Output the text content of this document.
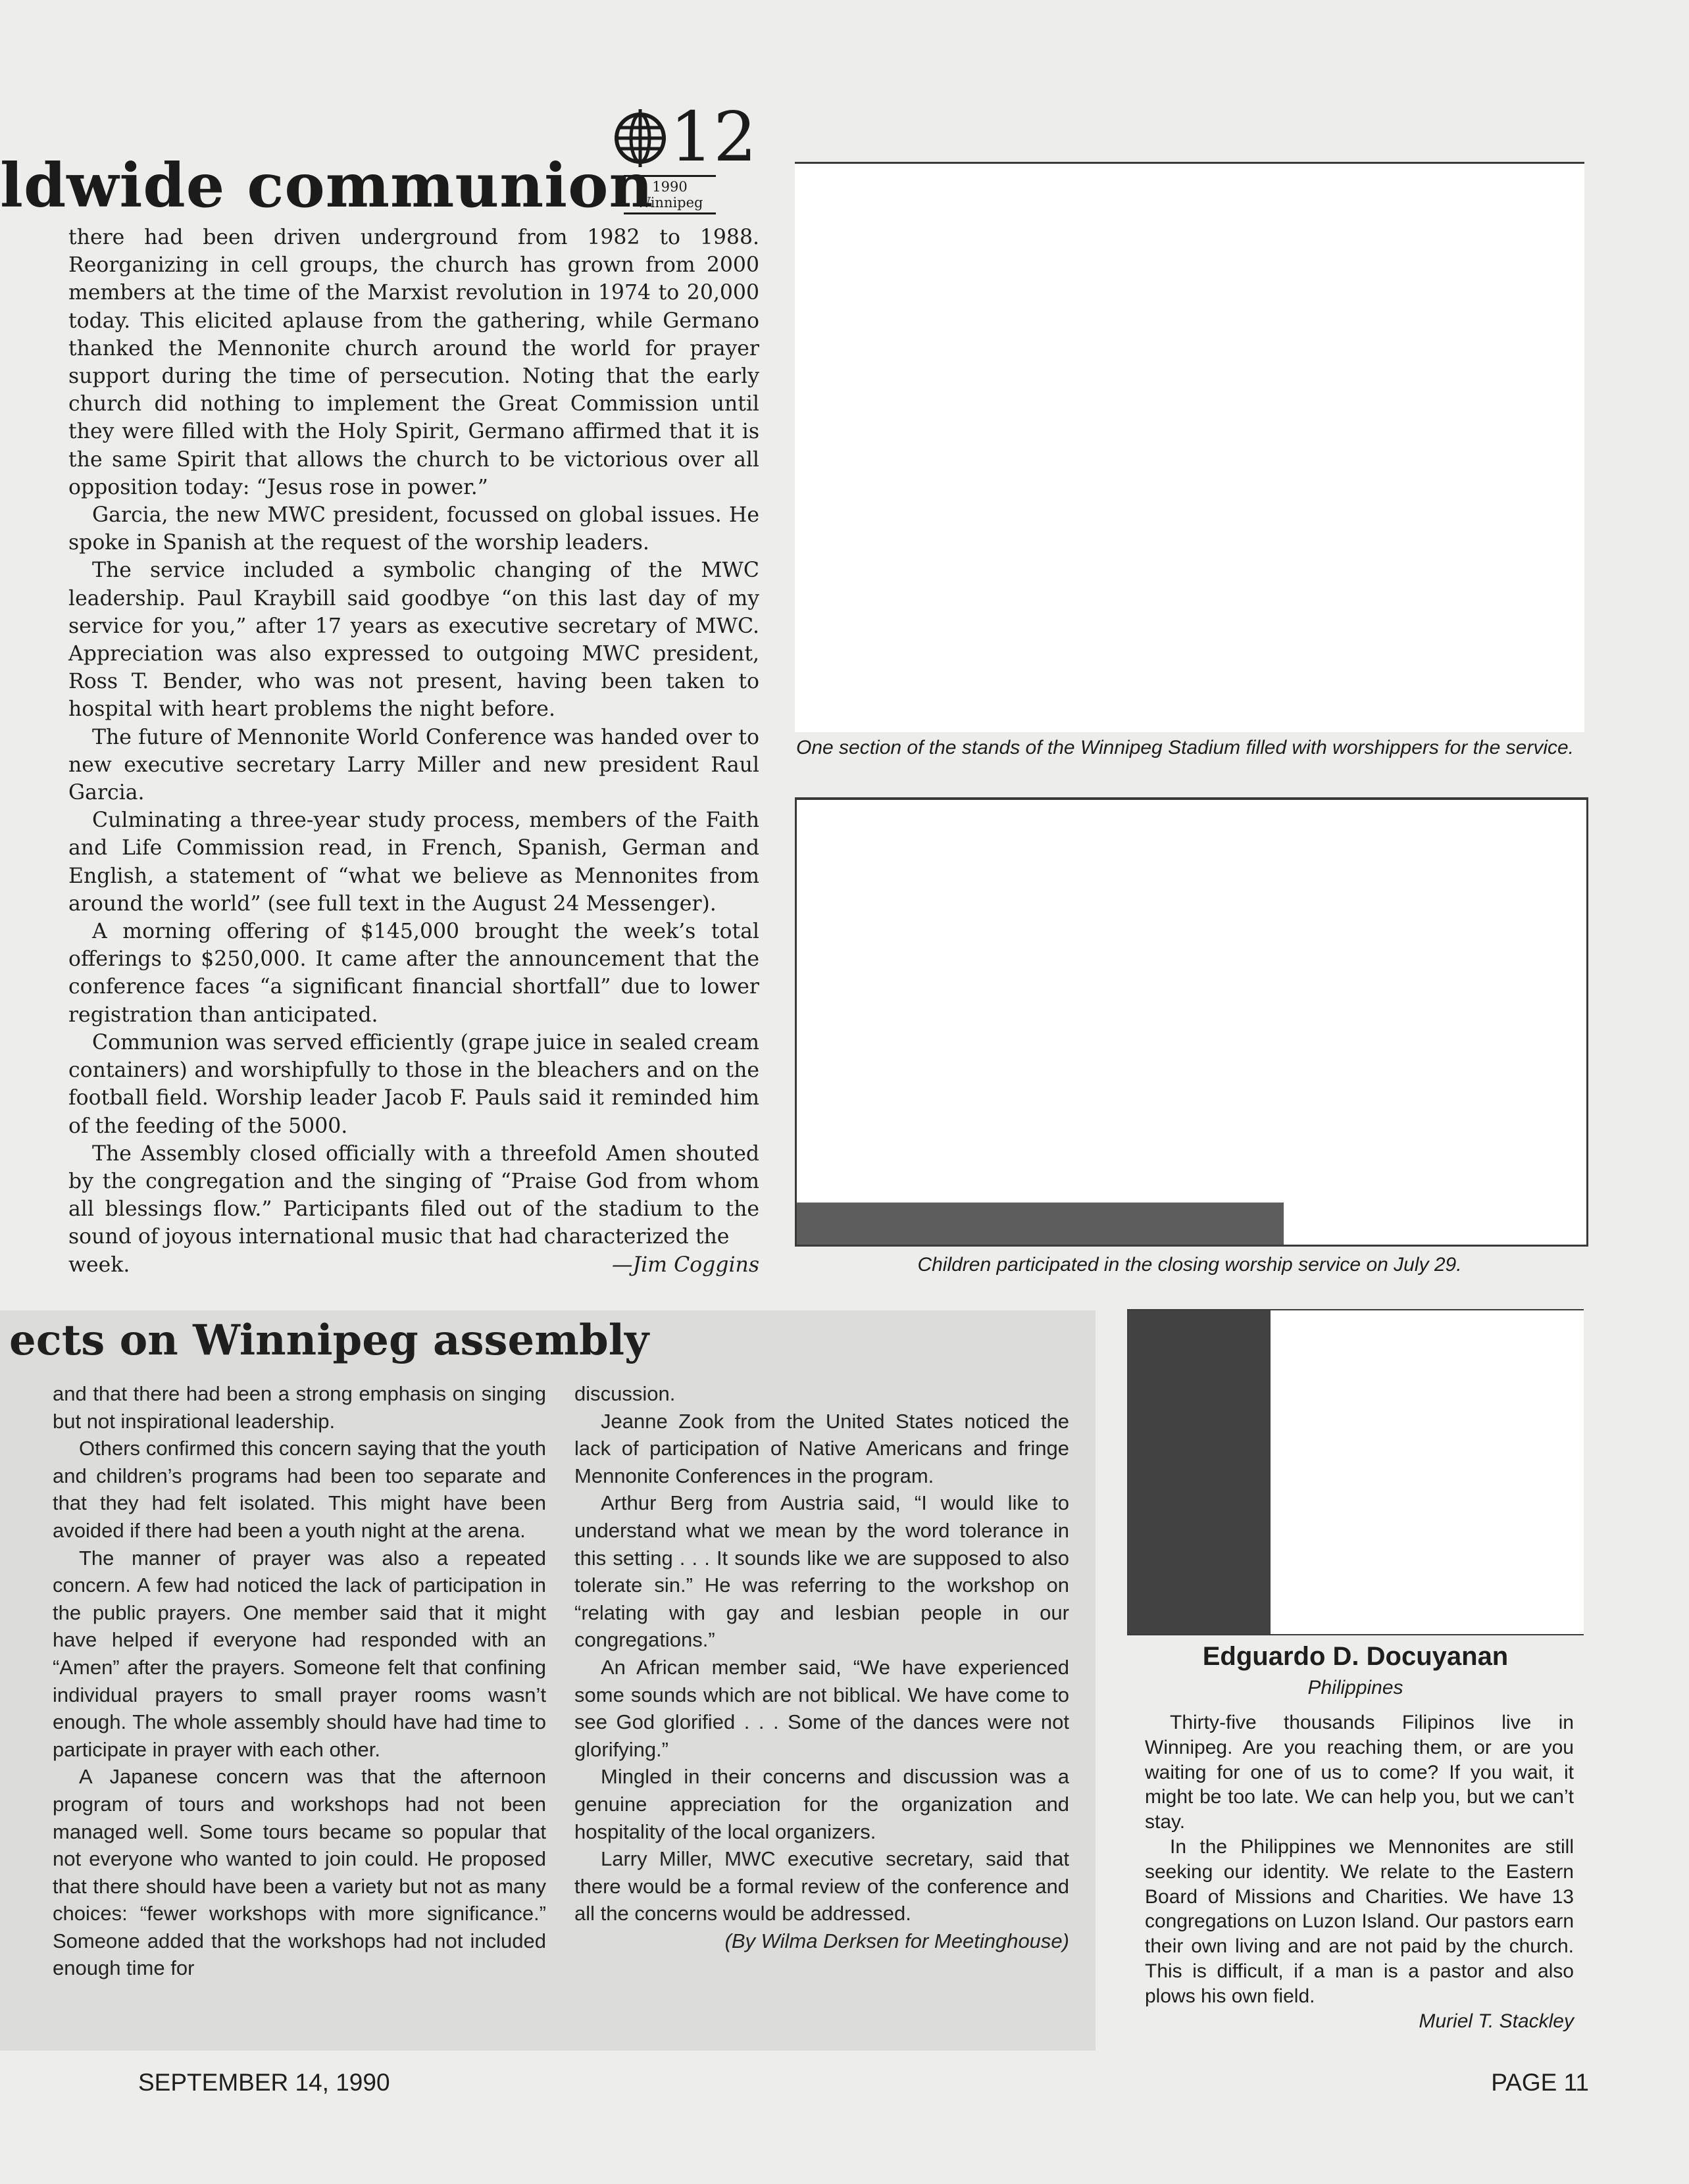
ldwide communion
12
1990 Winnipeg

there had been driven underground from 1982 to 1988. Reorganizing in cell groups, the church has grown from 2000 members at the time of the Marxist revolution in 1974 to 20,000 today. This elicited aplause from the gathering, while Germano thanked the Mennonite church around the world for prayer support during the time of persecution. Noting that the early church did nothing to implement the Great Commission until they were filled with the Holy Spirit, Germano affirmed that it is the same Spirit that allows the church to be victorious over all opposition today: “Jesus rose in power.”

Garcia, the new MWC president, focussed on global issues. He spoke in Spanish at the request of the worship leaders.

The service included a symbolic changing of the MWC leadership. Paul Kraybill said goodbye “on this last day of my service for you,” after 17 years as executive secretary of MWC. Appreciation was also expressed to outgoing MWC president, Ross T. Bender, who was not present, having been taken to hospital with heart problems the night before.

The future of Mennonite World Conference was handed over to new executive secretary Larry Miller and new president Raul Garcia.

Culminating a three-year study process, members of the Faith and Life Commission read, in French, Spanish, German and English, a statement of “what we believe as Mennonites from around the world” (see full text in the August 24 Messenger).

A morning offering of $145,000 brought the week’s total offerings to $250,000. It came after the announcement that the conference faces “a significant financial shortfall” due to lower registration than anticipated.

Communion was served efficiently (grape juice in sealed cream containers) and worshipfully to those in the bleachers and on the football field. Worship leader Jacob F. Pauls said it reminded him of the feeding of the 5000.

The Assembly closed officially with a threefold Amen shouted by the congregation and the singing of “Praise God from whom all blessings flow.” Participants filed out of the stadium to the sound of joyous international music that had characterized the

week.	—Jim Coggins

One section of the stands of the Winnipeg Stadium filled with worshippers for the service.
Children participated in the closing worship service on July 29.
ects on Winnipeg assembly

and that there had been a strong emphasis on singing but not inspirational leadership.

Others confirmed this concern saying that the youth and children’s programs had been too separate and that they had felt isolated. This might have been avoided if there had been a youth night at the arena.

The manner of prayer was also a repeated concern. A few had noticed the lack of participation in the public prayers. One member said that it might have helped if everyone had responded with an “Amen” after the prayers. Someone felt that confining individual prayers to small prayer rooms wasn’t enough. The whole assembly should have had time to participate in prayer with each other.

A Japanese concern was that the afternoon program of tours and workshops had not been managed well. Some tours became so popular that not everyone who wanted to join could. He proposed that there should have been a variety but not as many choices: “fewer workshops with more significance.” Someone added that the workshops had not included enough time for

discussion.

Jeanne Zook from the United States noticed the lack of participation of Native Americans and fringe Mennonite Conferences in the program.

Arthur Berg from Austria said, “I would like to understand what we mean by the word tolerance in this setting . . . It sounds like we are supposed to also tolerate sin.” He was referring to the workshop on “relating with gay and lesbian people in our congregations.”

An African member said, “We have experienced some sounds which are not biblical. We have come to see God glorified . . . Some of the dances were not glorifying.”

Mingled in their concerns and discussion was a genuine appreciation for the organization and hospitality of the local organizers.

Larry Miller, MWC executive secretary, said that there would be a formal review of the conference and all the concerns would be addressed.

(By Wilma Derksen for Meetinghouse)

Edguardo D. Docuyanan
Philippines

Thirty-five thousands Filipinos live in Winnipeg. Are you reaching them, or are you waiting for one of us to come? If you wait, it might be too late. We can help you, but we can’t stay.

In the Philippines we Mennonites are still seeking our identity. We relate to the Eastern Board of Missions and Charities. We have 13 congregations on Luzon Island. Our pastors earn their own living and are not paid by the church. This is difficult, if a man is a pastor and also plows his own field.

Muriel T. Stackley

SEPTEMBER 14, 1990	PAGE 11
